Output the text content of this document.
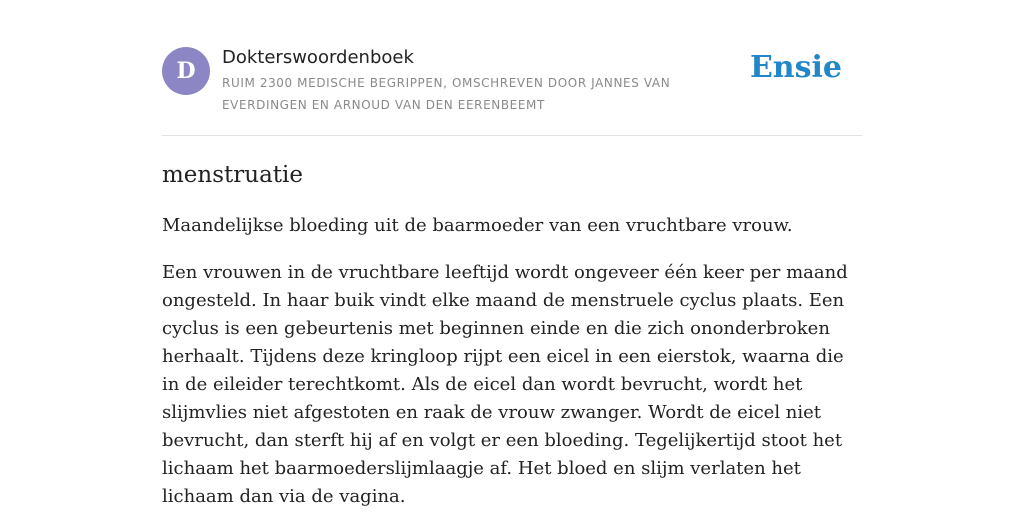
D
Dokterswoordenboek
RUIM 2300 MEDISCHE BEGRIPPEN, OMSCHREVEN DOOR JANNES VAN EVERDINGEN EN ARNOUD VAN DEN EERENBEEMT
Ensie
menstruatie

Maandelijkse bloeding uit de baarmoeder van een vruchtbare vrouw.

Een vrouwen in de vruchtbare leeftijd wordt ongeveer één keer per maand ongesteld. In haar buik vindt elke maand de menstruele cyclus plaats. Een cyclus is een gebeurtenis met beginnen einde en die zich ononderbroken herhaalt. Tijdens deze kringloop rijpt een eicel in een eierstok, waarna die in de eileider terechtkomt. Als de eicel dan wordt bevrucht, wordt het slijmvlies niet afgestoten en raak de vrouw zwanger. Wordt de eicel niet bevrucht, dan sterft hij af en volgt er een bloeding. Tegelijkertijd stoot het lichaam het baarmoederslijmlaagje af. Het bloed en slijm verlaten het lichaam dan via de vagina.
